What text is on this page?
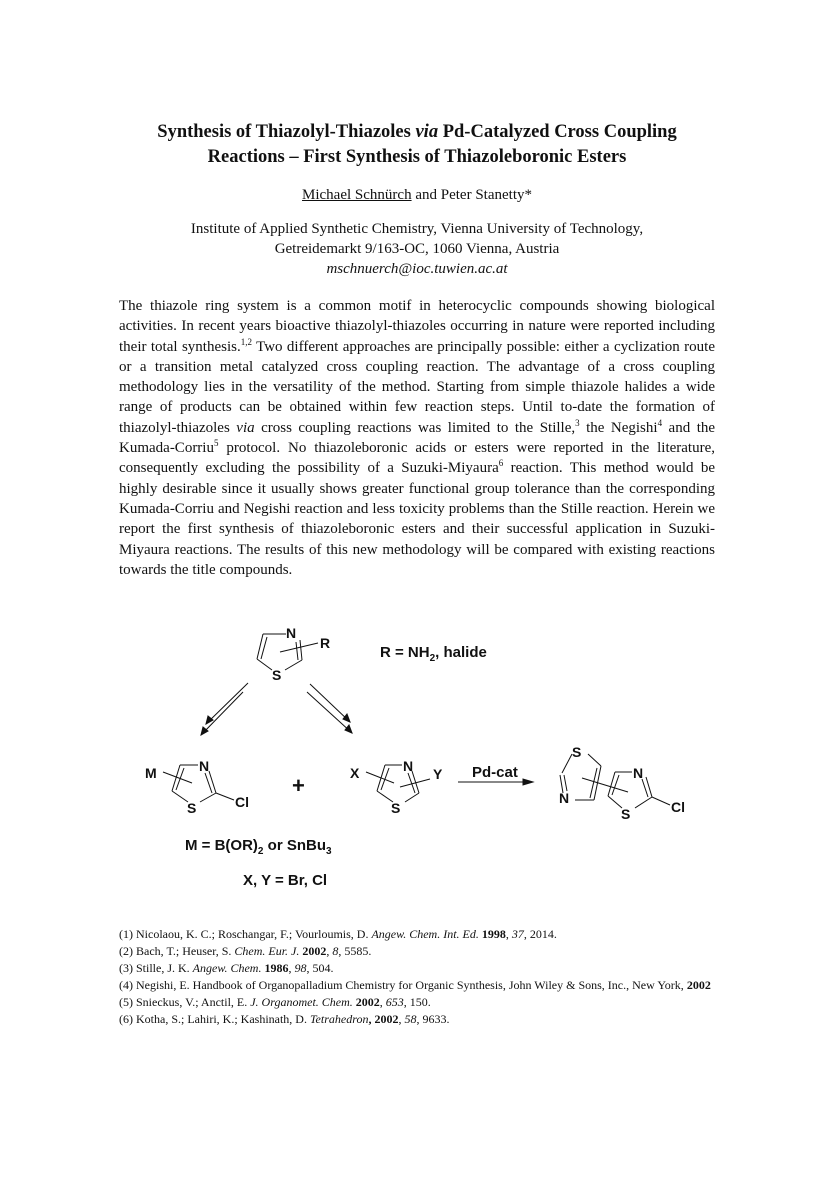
Synthesis of Thiazolyl-Thiazoles via Pd-Catalyzed Cross Coupling
Reactions – First Synthesis of Thiazoleboronic Esters
Michael Schnürch and Peter Stanetty*
Institute of Applied Synthetic Chemistry, Vienna University of Technology,
Getreidemarkt 9/163-OC, 1060 Vienna, Austria
mschnuerch@ioc.tuwien.ac.at

The thiazole ring system is a common motif in heterocyclic compounds showing biological activities. In recent years bioactive thiazolyl-thiazoles occurring in nature were reported including their total synthesis.$^{1,2}$ Two different approaches are principally possible: either a cyclization route or a transition metal catalyzed cross coupling reaction. The advantage of a cross coupling methodology lies in the versatility of the method. Starting from simple thiazole halides a wide range of products can be obtained within few reaction steps. Until to-date the formation of thiazolyl-thiazoles via cross coupling reactions was limited to the Stille,$^3$ the Negishi$^4$ and the Kumada-Corriu$^5$ protocol. No thiazoleboronic acids or esters were reported in the literature, consequently excluding the possibility of a Suzuki-Miyaura$^6$ reaction. This method would be highly desirable since it usually shows greater functional group tolerance than the corresponding Kumada-Corriu and Negishi reaction and less toxicity problems than the Stille reaction. Herein we report the first synthesis of thiazoleboronic esters and their successful application in Suzuki-Miyaura reactions. The results of this new methodology will be compared with existing reactions towards the title compounds.

N
S
R
$R = NH_2$, halide
M	N
S	Cl
+	X	N Y
S
Pd-cat
S
N
N
S	Cl
$M = B(OR)_2$ or SnBu$_3$
X, Y = Br, Cl
(1) Nicolaou, K. C.; Roschangar, F.; Vourloumis, D. Angew. Chem. Int. Ed. 1998, 37, 2014.
(2) Bach, T.; Heuser, S. Chem. Eur. J. 2002, 8, 5585.
(3) Stille, J. K. Angew. Chem. 1986, 98, 504.
(4) Negishi, E. Handbook of Organopalladium Chemistry for Organic Synthesis, John Wiley & Sons, Inc., New York, 2002
(5) Snieckus, V.; Anctil, E. J. Organomet. Chem. 2002, 653, 150.
(6) Kotha, S.; Lahiri, K.; Kashinath, D. Tetrahedron, 2002, 58, 9633.
